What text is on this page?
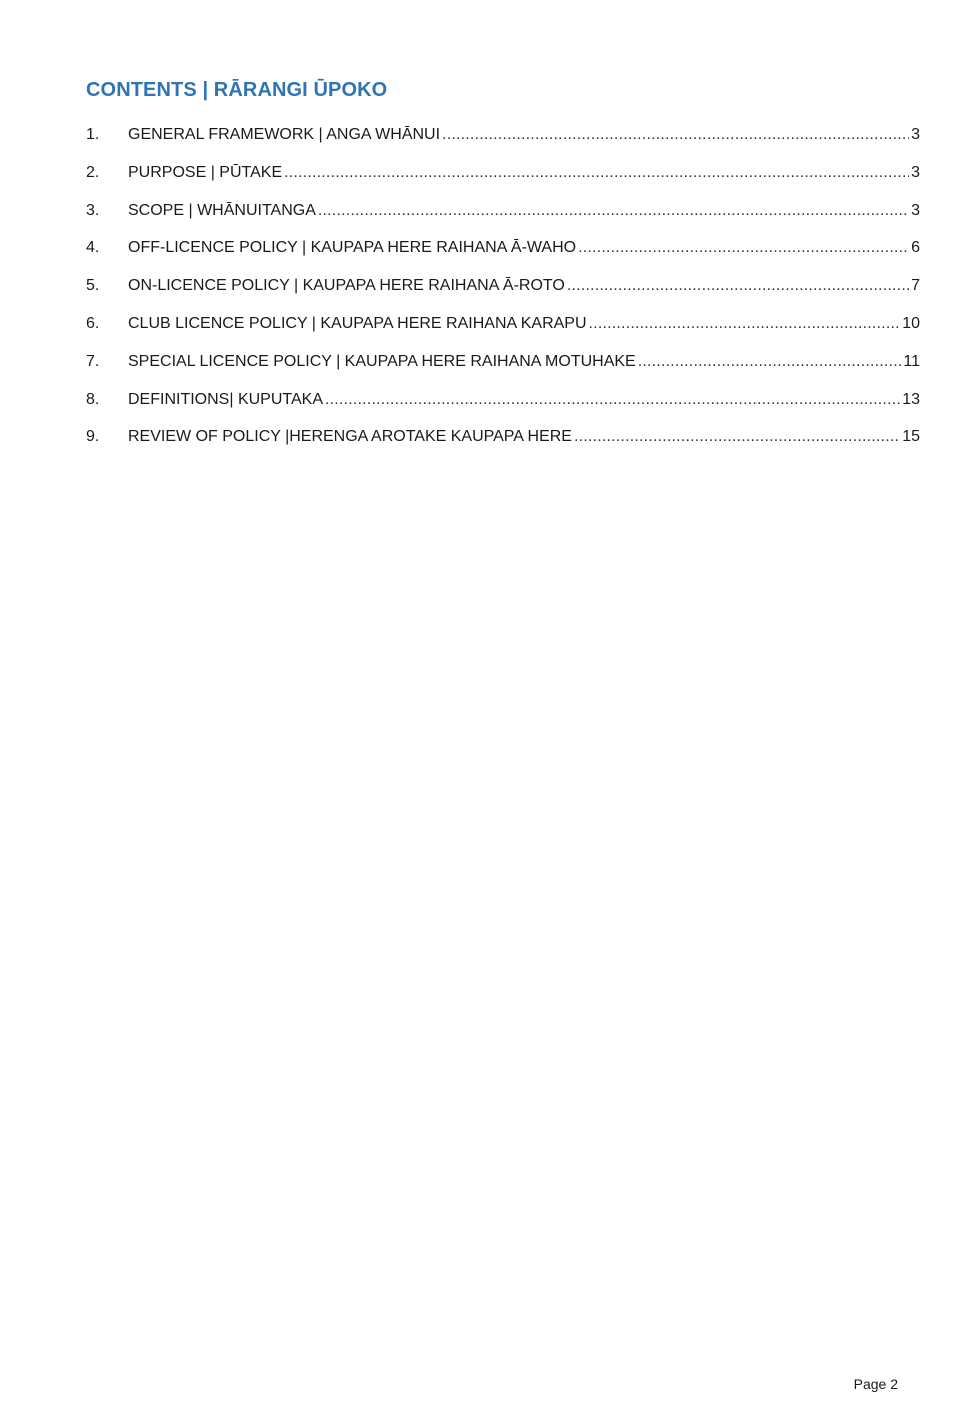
CONTENTS | RĀRANGI ŪPOKO
1.	GENERAL FRAMEWORK | ANGA WHĀNUI .....	3
2.	PURPOSE | PŪTAKE .....	3
3.	SCOPE | WHĀNUITANGA .....	3
4.	OFF-LICENCE POLICY | KAUPAPA HERE RAIHANA Ā-WAHO .....	6
5.	ON-LICENCE POLICY | KAUPAPA HERE RAIHANA Ā-ROTO .....	7
6.	CLUB LICENCE POLICY | KAUPAPA HERE RAIHANA KARAPU .....	10
7.	SPECIAL LICENCE POLICY | KAUPAPA HERE RAIHANA MOTUHAKE .....	11
8.	DEFINITIONS| KUPUTAKA .....	13
9.	REVIEW OF POLICY |HERENGA AROTAKE KAUPAPA HERE .....	15
Page 2
